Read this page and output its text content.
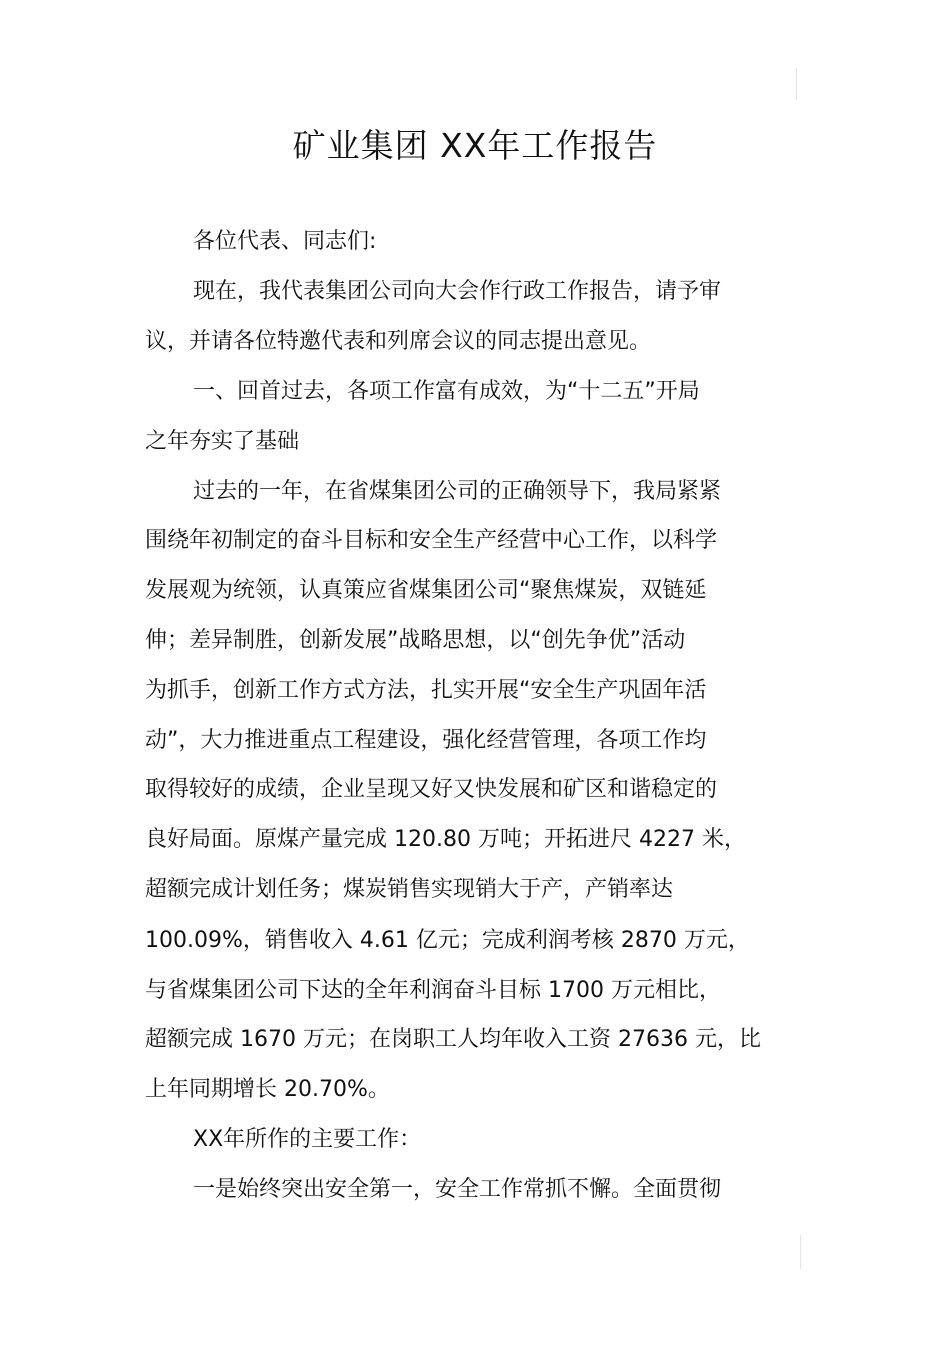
矿业集团 XX年工作报告
各位代表、同志们:
现在，我代表集团公司向大会作行政工作报告，请予审
议，并请各位特邀代表和列席会议的同志提出意见。
一、回首过去，各项工作富有成效，为“十二五”开局
之年夯实了基础
过去的一年，在省煤集团公司的正确领导下，我局紧紧
围绕年初制定的奋斗目标和安全生产经营中心工作，以科学
发展观为统领，认真策应省煤集团公司“聚焦煤炭，双链延
伸；差异制胜，创新发展”战略思想，以“创先争优”活动
为抓手，创新工作方式方法，扎实开展“安全生产巩固年活
动”，大力推进重点工程建设，强化经营管理，各项工作均
取得较好的成绩，企业呈现又好又快发展和矿区和谐稳定的
良好局面。原煤产量完成 120.80 万吨；开拓进尺 4227 米，
超额完成计划任务；煤炭销售实现销大于产，产销率达
100.09%，销售收入 4.61 亿元；完成利润考核 2870 万元，
与省煤集团公司下达的全年利润奋斗目标 1700 万元相比，
超额完成 1670 万元；在岗职工人均年收入工资 27636 元，比
上年同期增长 20.70%。
XX年所作的主要工作：
一是始终突出安全第一，安全工作常抓不懈。全面贯彻
